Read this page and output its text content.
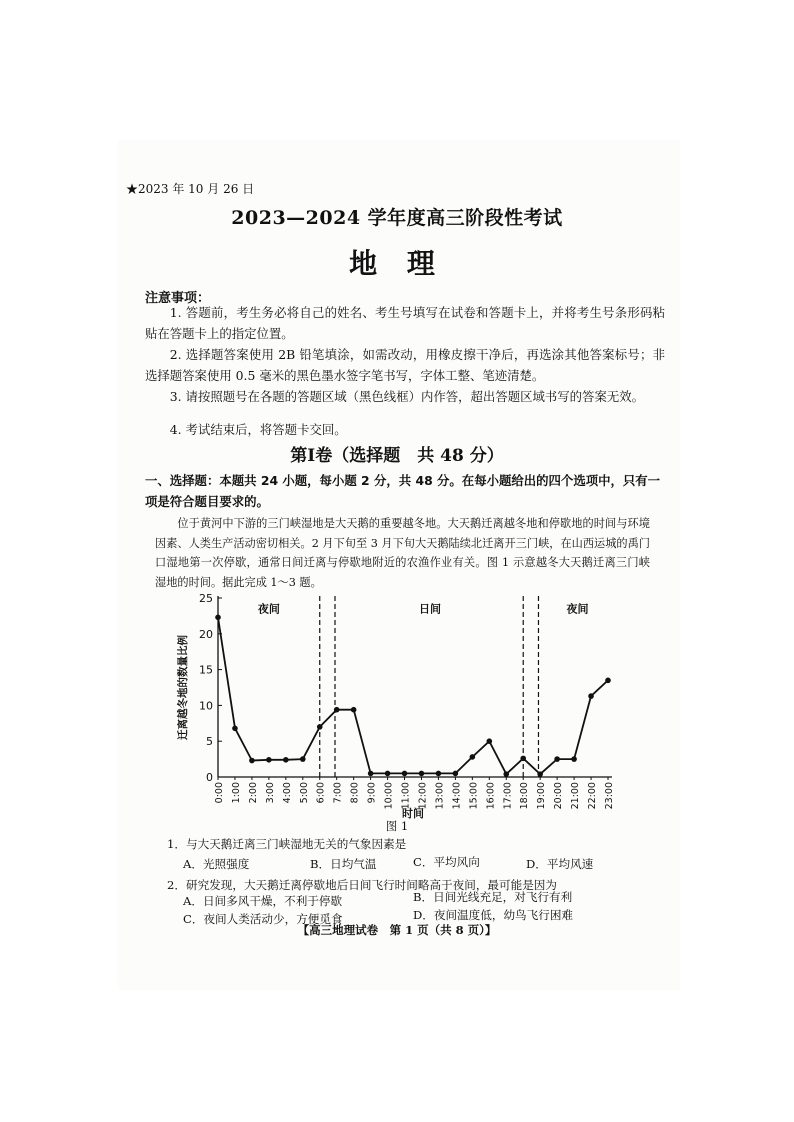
★2023 年 10 月 26 日
2023—2024 学年度高三阶段性考试
地 理
注意事项：
1. 答题前，考生务必将自己的姓名、考生号填写在试卷和答题卡上，并将考生号条形码粘贴在答题卡上的指定位置。
2. 选择题答案使用 2B 铅笔填涂，如需改动，用橡皮擦干净后，再选涂其他答案标号；非选择题答案使用 0.5 毫米的黑色墨水签字笔书写，字体工整、笔迹清楚。
3. 请按照题号在各题的答题区域（黑色线框）内作答，超出答题区域书写的答案无效。
4. 考试结束后，将答题卡交回。
第Ⅰ卷（选择题　共 48 分）
一、选择题：本题共 24 小题，每小题 2 分，共 48 分。在每小题给出的四个选项中，只有一项是符合题目要求的。
位于黄河中下游的三门峡湿地是大天鹅的重要越冬地。大天鹅迁离越冬地和停歇地的时间与环境因素、人类生产活动密切相关。2 月下旬至 3 月下旬大天鹅陆续北迁离开三门峡，在山西运城的禹门口湿地第一次停歇，通常日间迁离与停歇地附近的农渔作业有关。图 1 示意越冬大天鹅迁离三门峡湿地的时间。据此完成 1～3 题。
0
5
10
15
20
25
0:00 1:00 2:00 3:00 4:00 5:00 6:00 7:00 8:00 9:00 10:00 11:00 12:00 13:00 14:00 15:00 16:00 17:00 18:00 19:00 20:00 21:00 22:00 23:00
夜间	日间	夜间
迁离越冬地的数量比例
时间
1．与大天鹅迁离三门峡湿地无关的气象因素是
A．光照强度	B．日均气温	C．平均风向	D．平均风速
2．研究发现，大天鹅迁离停歇地后日间飞行时间略高于夜间，最可能是因为
A．日间多风干燥，不利于停歇	B．日间光线充足，对飞行有利
C．夜间人类活动少，方便觅食	D．夜间温度低，幼鸟飞行困难
【高三地理试卷　第 1 页（共 8 页）】
图 1
